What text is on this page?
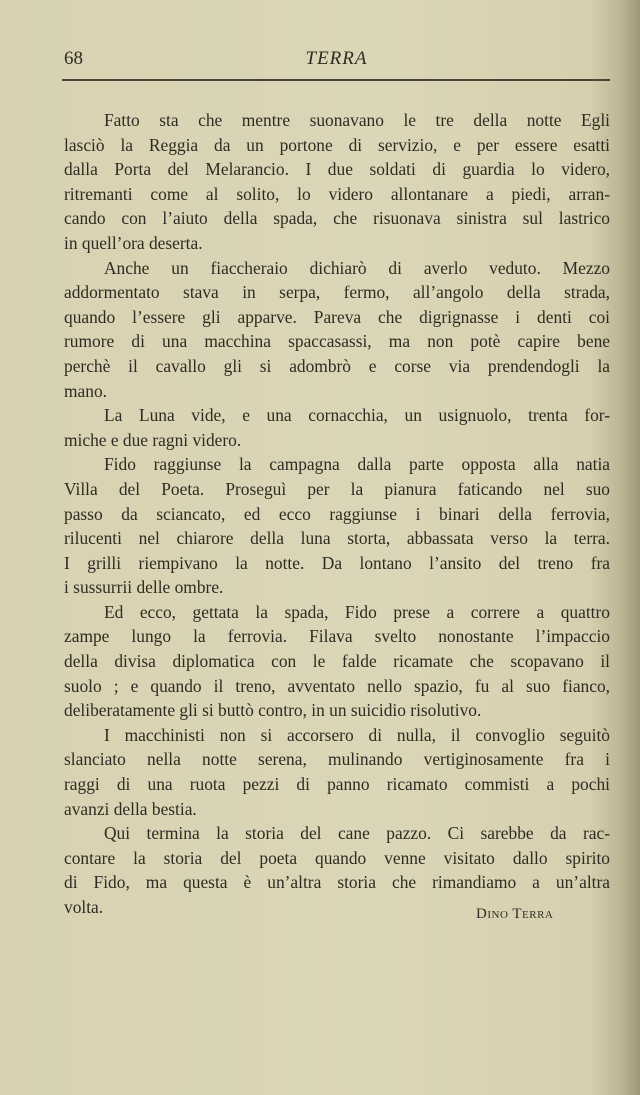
68	TERRA
Fatto sta che mentre suonavano le tre della notte Egli
lasciò la Reggia da un portone di servizio, e per essere esatti
dalla Porta del Melarancio. I due soldati di guardia lo videro,
ritremanti come al solito, lo videro allontanare a piedi, arran-
cando con l’aiuto della spada, che risuonava sinistra sul lastrico
in quell’ora deserta.
Anche un fiaccheraio dichiarò di averlo veduto. Mezzo
addormentato stava in serpa, fermo, all’angolo della strada,
quando l’essere gli apparve. Pareva che digrignasse i denti coi
rumore di una macchina spaccasassi, ma non potè capire bene
perchè il cavallo gli si adombrò e corse via prendendogli la
mano.
La Luna vide, e una cornacchia, un usignuolo, trenta for-
miche e due ragni videro.
Fido raggiunse la campagna dalla parte opposta alla natia
Villa del Poeta. Proseguì per la pianura faticando nel suo
passo da sciancato, ed ecco raggiunse i binari della ferrovia,
rilucenti nel chiarore della luna storta, abbassata verso la terra.
I grilli riempivano la notte. Da lontano l’ansito del treno fra
i sussurrii delle ombre.
Ed ecco, gettata la spada, Fido prese a correre a quattro
zampe lungo la ferrovia. Filava svelto nonostante l’impaccio
della divisa diplomatica con le falde ricamate che scopavano il
suolo ; e quando il treno, avventato nello spazio, fu al suo fianco,
deliberatamente gli si buttò contro, in un suicidio risolutivo.
I macchinisti non si accorsero di nulla, il convoglio seguitò
slanciato nella notte serena, mulinando vertiginosamente fra i
raggi di una ruota pezzi di panno ricamato commisti a pochi
avanzi della bestia.
Qui termina la storia del cane pazzo. Ci sarebbe da rac-
contare la storia del poeta quando venne visitato dallo spirito
di Fido, ma questa è un’altra storia che rimandiamo a un’altra
volta.	Dino Terra
